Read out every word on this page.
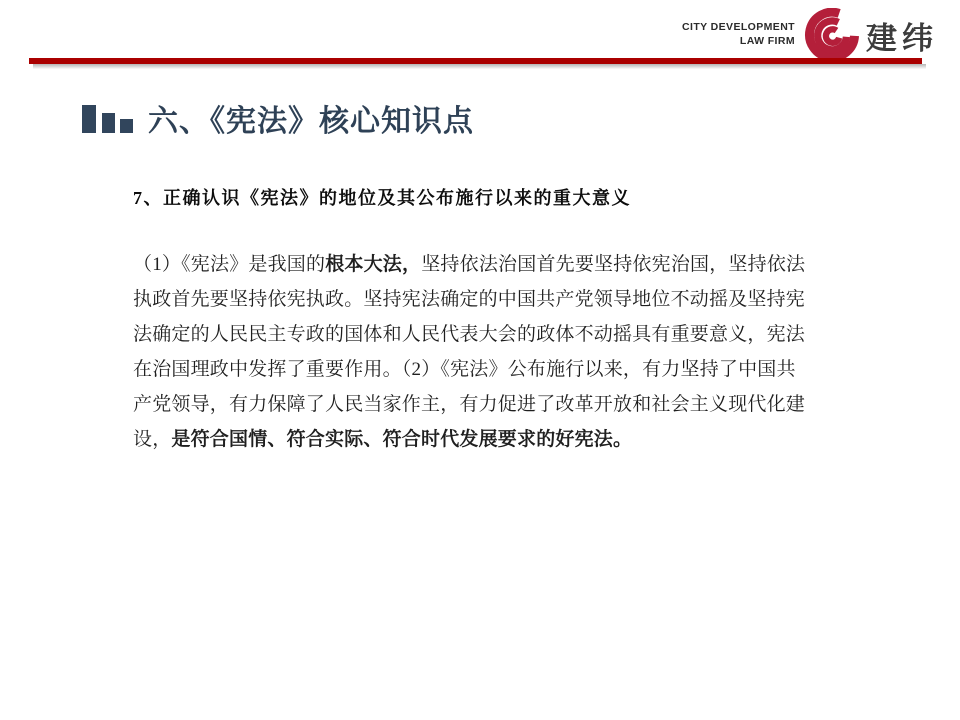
CITY DEVELOPMENT
LAW FIRM 建纬
六、《宪法》核心知识点
7、正确认识《宪法》的地位及其公布施行以来的重大意义
（1）《宪法》是我国的根本大法，坚持依法治国首先要坚持依宪治国，坚持依法
执政首先要坚持依宪执政。坚持宪法确定的中国共产党领导地位不动摇及坚持宪
法确定的人民民主专政的国体和人民代表大会的政体不动摇具有重要意义，宪法
在治国理政中发挥了重要作用。（2）《宪法》公布施行以来，有力坚持了中国共
产党领导，有力保障了人民当家作主，有力促进了改革开放和社会主义现代化建
设，是符合国情、符合实际、符合时代发展要求的好宪法。
